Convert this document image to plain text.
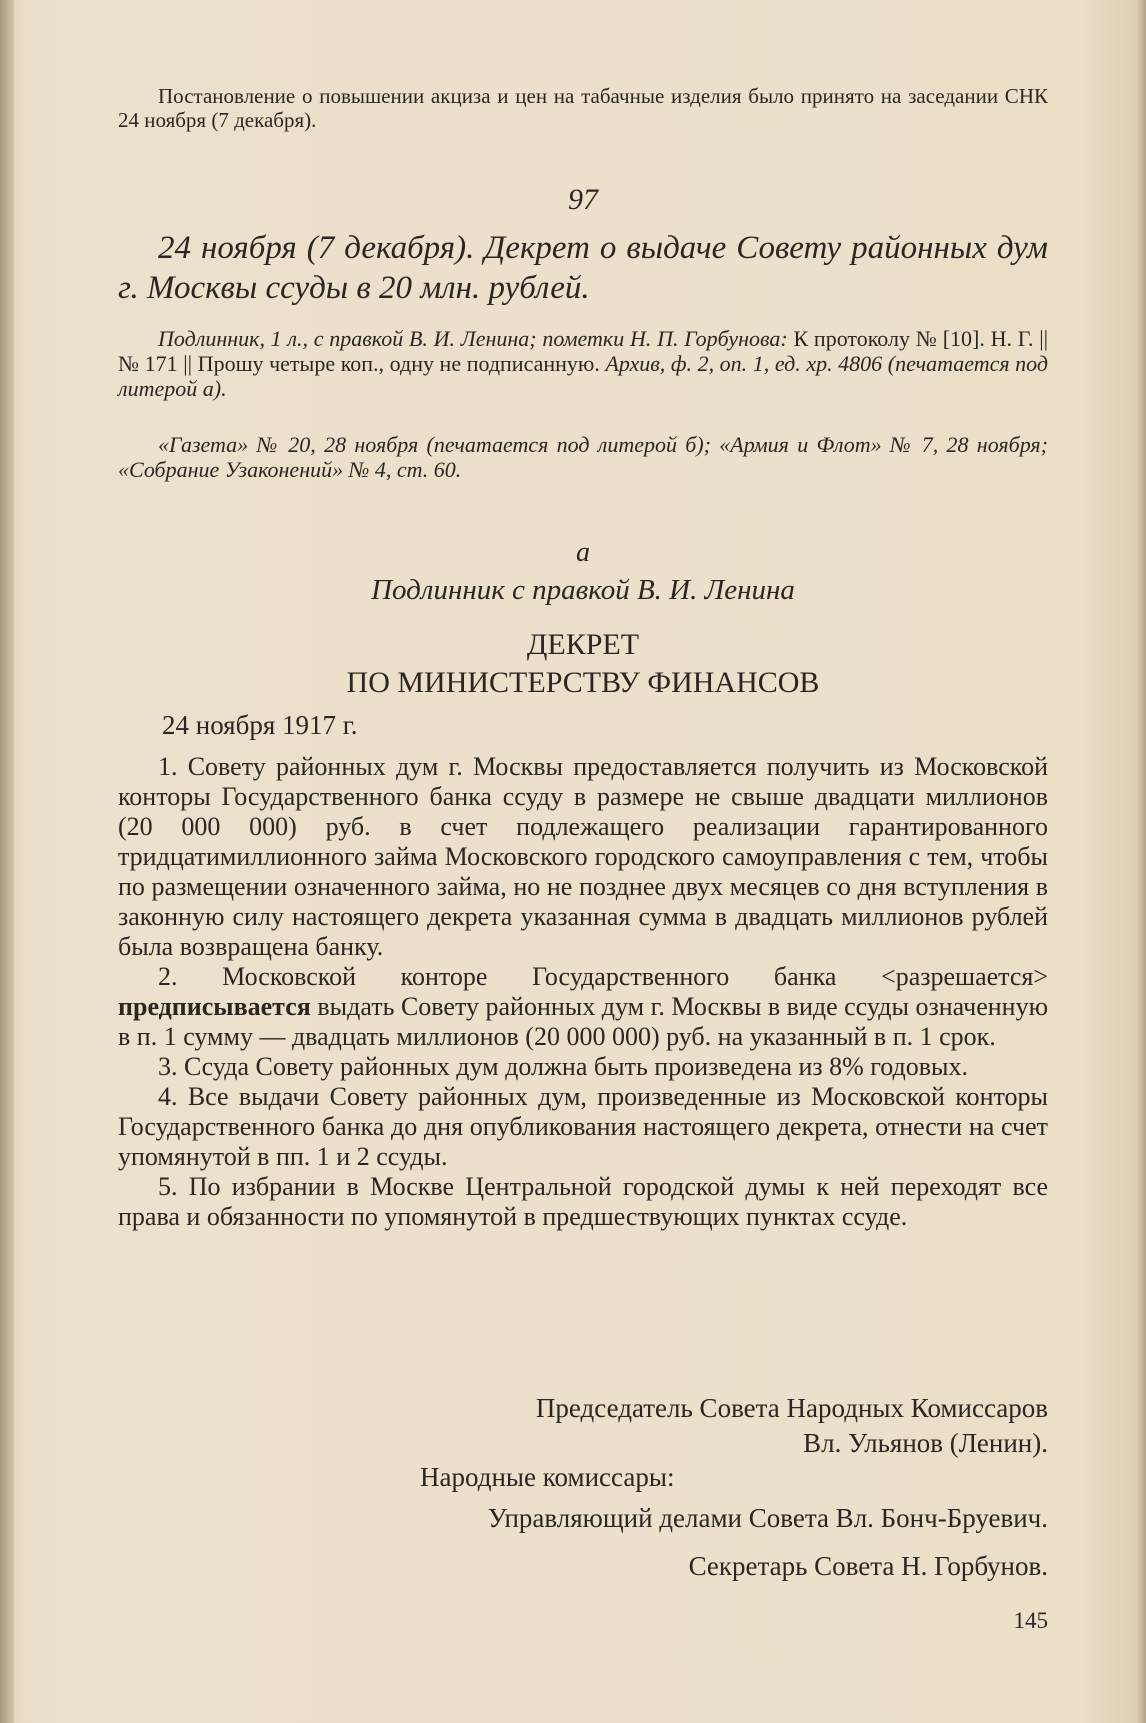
Постановление о повышении акциза и цен на табачные изделия было принято на заседании СНК 24 ноября (7 декабря).

97

24 ноября (7 декабря). Декрет о выдаче Совету районных дум г. Москвы ссуды в 20 млн. рублей.

Подлинник, 1 л., с правкой В. И. Ленина; пометки Н. П. Горбунова: К протоколу № [10]. Н. Г. || № 171 || Прошу четыре коп., одну не подписанную. Архив, ф. 2, оп. 1, ед. хр. 4806 (печатается под литерой а).

«Газета» № 20, 28 ноября (печатается под литерой б); «Армия и Флот» № 7, 28 ноября; «Собрание Узаконений» № 4, ст. 60.

а

Подлинник с правкой В. И. Ленина

ДЕКРЕТ

ПО МИНИСТЕРСТВУ ФИНАНСОВ

24 ноября 1917 г.

1. Совету районных дум г. Москвы предоставляется получить из Московской конторы Государственного банка ссуду в размере не свыше двадцати миллионов (20 000 000) руб. в счет подлежащего реализации гарантированного тридцатимиллионного займа Московского городского самоуправления с тем, чтобы по размещении означенного займа, но не позднее двух месяцев со дня вступления в законную силу настоящего декрета указанная сумма в двадцать миллионов рублей была возвращена банку.

2. Московской конторе Государственного банка <разрешается> предписывается выдать Совету районных дум г. Москвы в виде ссуды означенную в п. 1 сумму — двадцать миллионов (20 000 000) руб. на указанный в п. 1 срок.

3. Ссуда Совету районных дум должна быть произведена из 8% годовых.

4. Все выдачи Совету районных дум, произведенные из Московской конторы Государственного банка до дня опубликования настоящего декрета, отнести на счет упомянутой в пп. 1 и 2 ссуды.

5. По избрании в Москве Центральной городской думы к ней переходят все права и обязанности по упомянутой в предшествующих пунктах ссуде.

Председатель Совета Народных Комиссаров

Вл. Ульянов (Ленин).

Народные комиссары:

Управляющий делами Совета Вл. Бонч-Бруевич.

Секретарь Совета Н. Горбунов.

145
